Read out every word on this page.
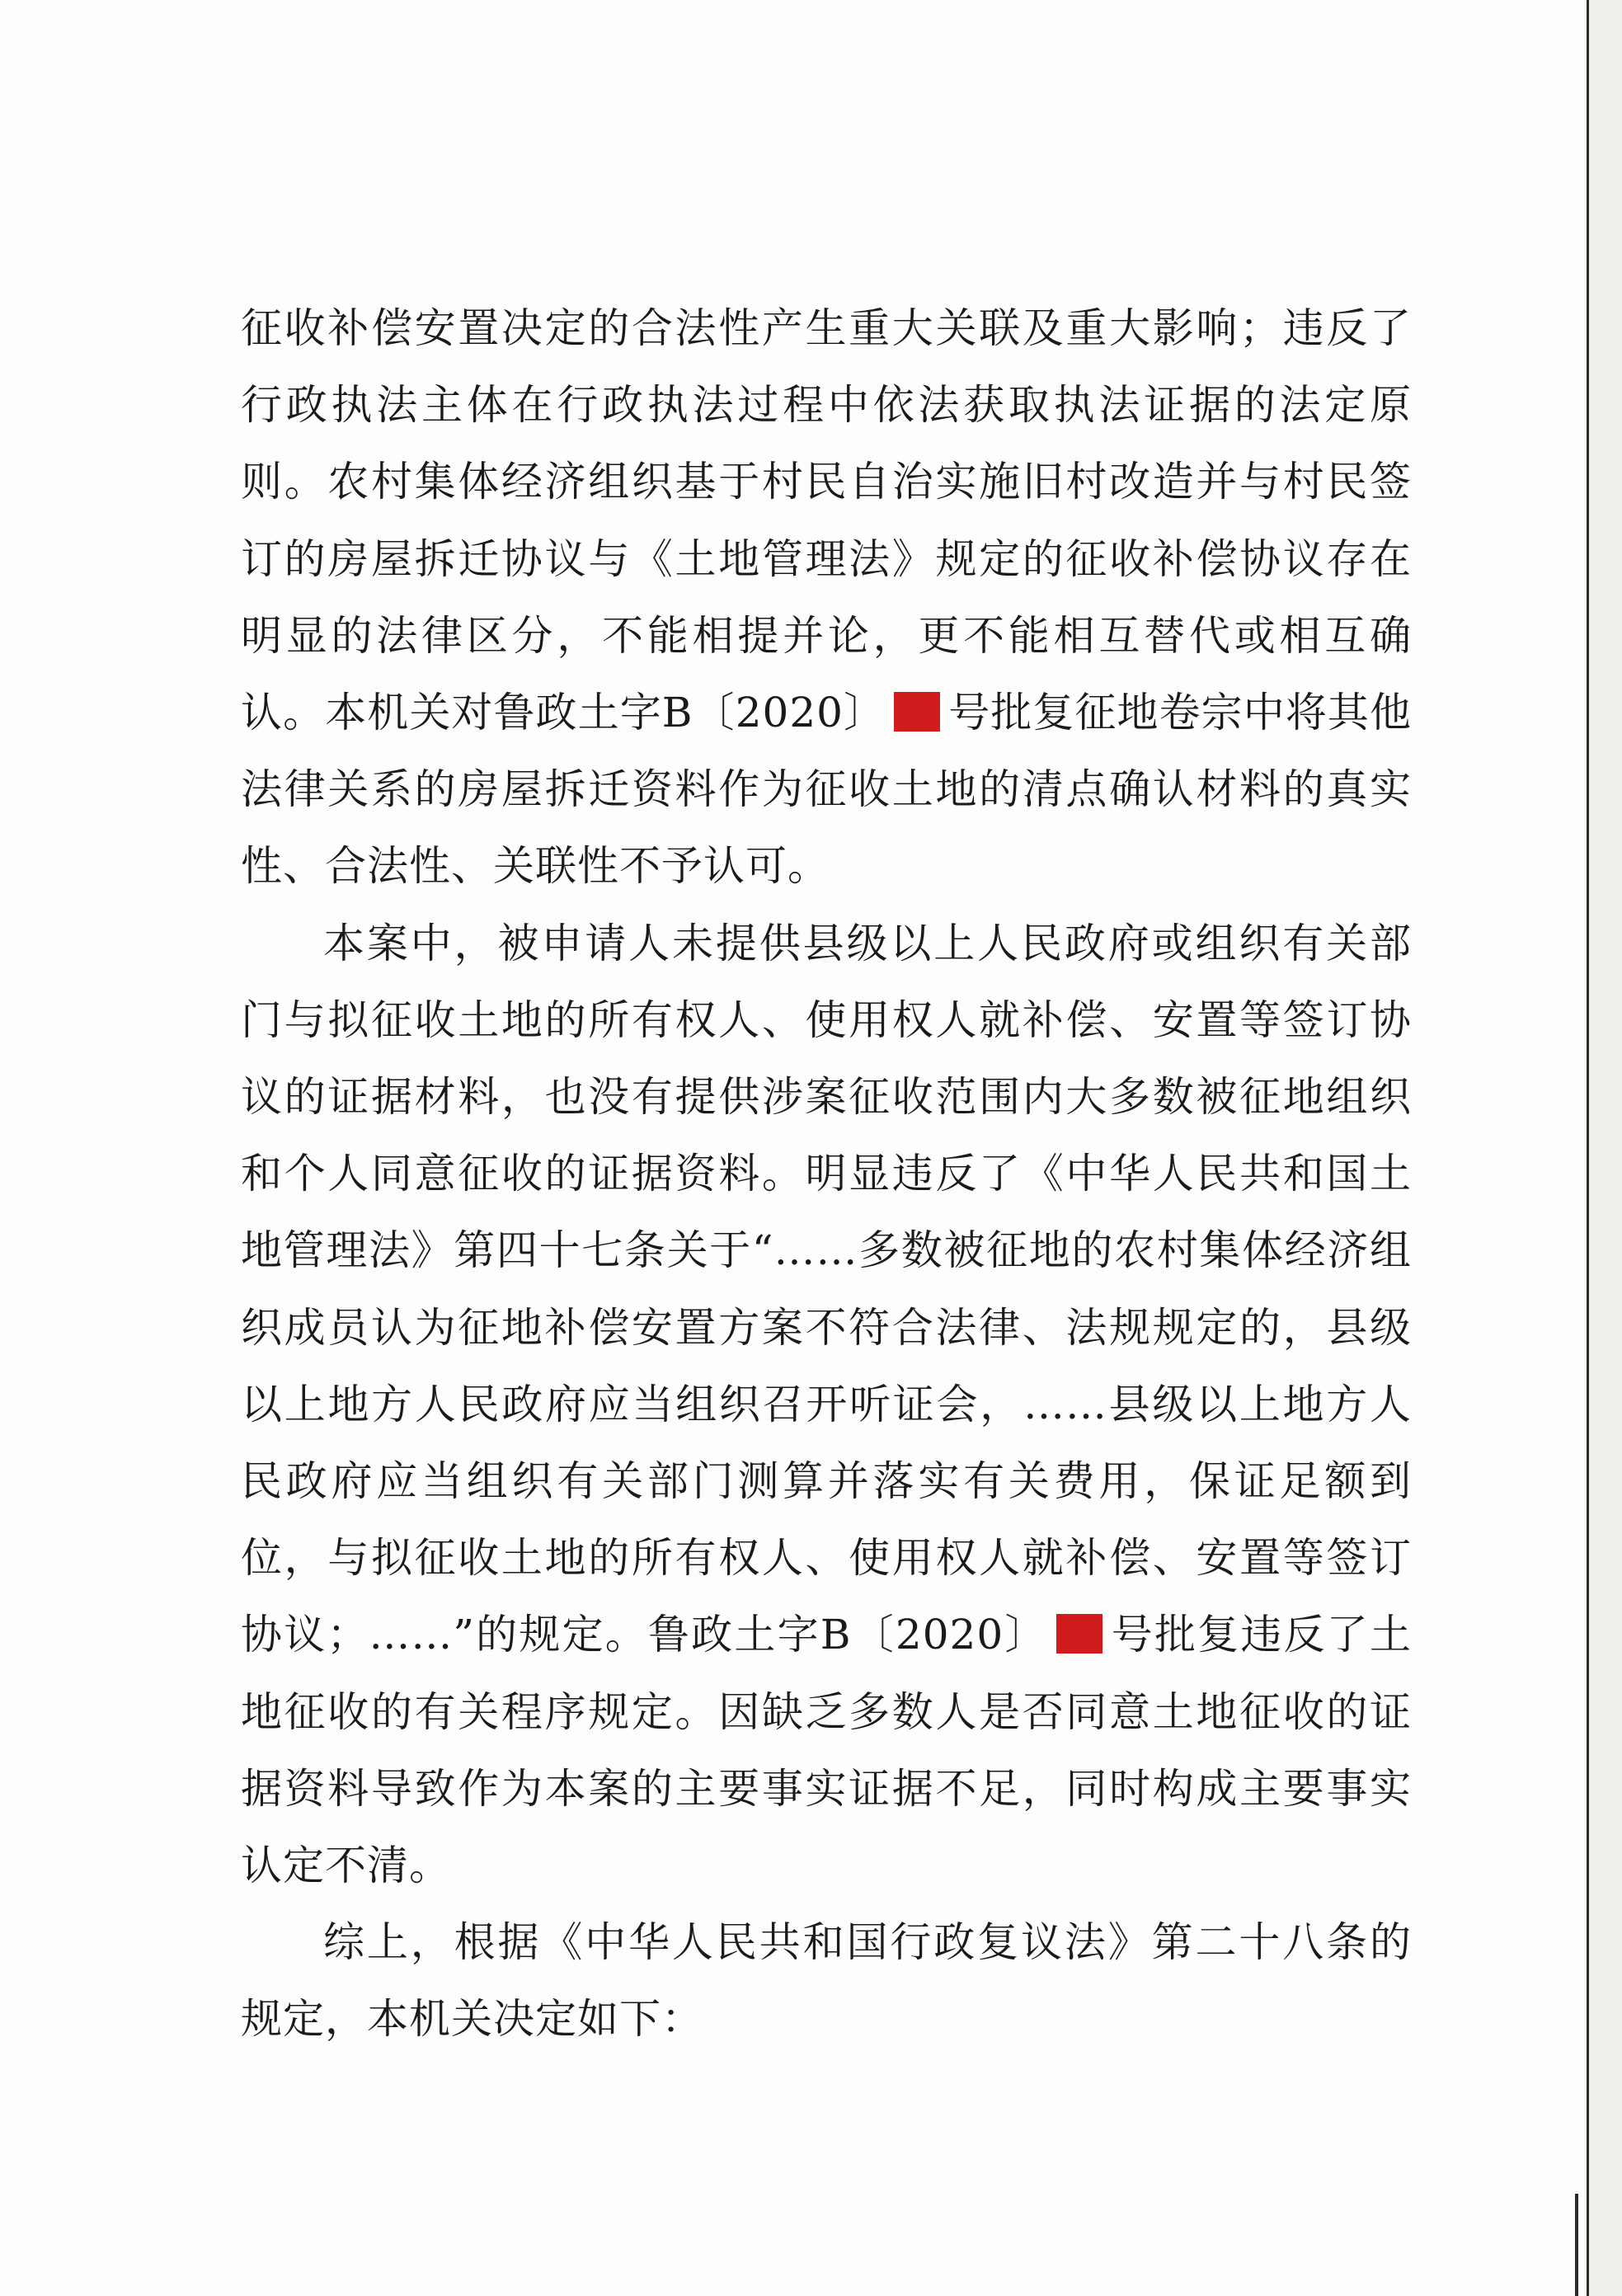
征收补偿安置决定的合法性产生重大关联及重大影响；违反了行政执法主体在行政执法过程中依法获取执法证据的法定原则。农村集体经济组织基于村民自治实施旧村改造并与村民签订的房屋拆迁协议与《土地管理法》规定的征收补偿协议存在明显的法律区分，不能相提并论，更不能相互替代或相互确认。本机关对鲁政土字B〔2020〕 号批复征地卷宗中将其他法律关系的房屋拆迁资料作为征收土地的清点确认材料的真实性、合法性、关联性不予认可。

本案中，被申请人未提供县级以上人民政府或组织有关部门与拟征收土地的所有权人、使用权人就补偿、安置等签订协议的证据材料，也没有提供涉案征收范围内大多数被征地组织和个人同意征收的证据资料。明显违反了《中华人民共和国土地管理法》第四十七条关于“……多数被征地的农村集体经济组织成员认为征地补偿安置方案不符合法律、法规规定的，县级以上地方人民政府应当组织召开听证会，……县级以上地方人民政府应当组织有关部门测算并落实有关费用，保证足额到位，与拟征收土地的所有权人、使用权人就补偿、安置等签订协议；……”的规定。鲁政土字B〔2020〕 号批复违反了土地征收的有关程序规定。因缺乏多数人是否同意土地征收的证据资料导致作为本案的主要事实证据不足，同时构成主要事实认定不清。

综上，根据《中华人民共和国行政复议法》第二十八条的规定，本机关决定如下：
